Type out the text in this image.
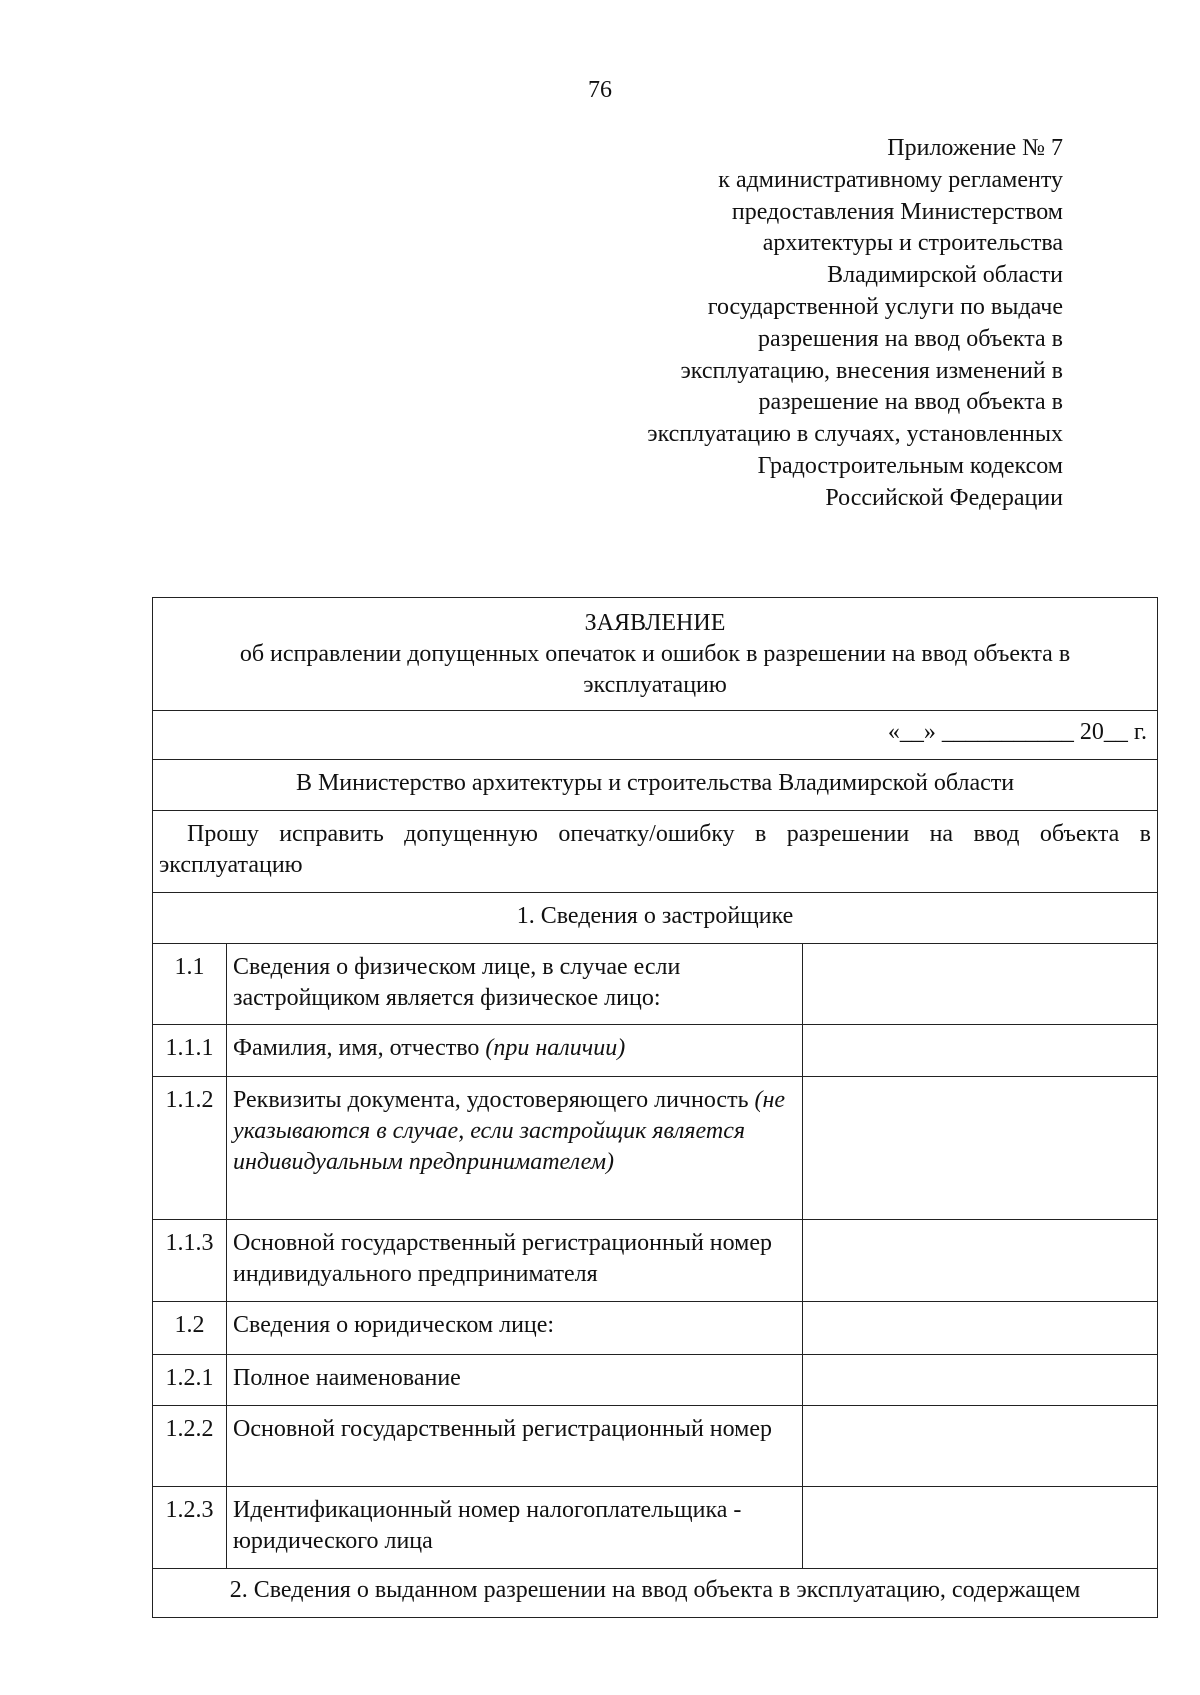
76
Приложение № 7
к административному регламенту
предоставления Министерством
архитектуры и строительства
Владимирской области
государственной услуги по выдаче
разрешения на ввод объекта в
эксплуатацию, внесения изменений в
разрешение на ввод объекта в
эксплуатацию в случаях, установленных
Градостроительным кодексом
Российской Федерации
ЗАЯВЛЕНИЕ
об исправлении допущенных опечаток и ошибок в разрешении на ввод объекта в
эксплуатацию		

«__» ___________ 20__ г.		
В Министерство архитектуры и строительства Владимирской области		

Прошу исправить допущенную опечатку/ошибку в разрешении на ввод объекта в
эксплуатацию		

1. Сведения о застройщике		
1.1	Сведения о физическом лице, в случае если застройщиком является физическое лицо:	
1.1.1	Фамилия, имя, отчество (при наличии)	
1.1.2	Реквизиты документа, удостоверяющего личность (не указываются в случае, если застройщик является индивидуальным предпринимателем)	
1.1.3	Основной государственный регистрационный номер индивидуального предпринимателя	
1.2	Сведения о юридическом лице:	
1.2.1	Полное наименование	
1.2.2	Основной государственный регистрационный номер	
1.2.3	Идентификационный номер налогоплательщика - юридического лица	
2. Сведения о выданном разрешении на ввод объекта в эксплуатацию, содержащем		
